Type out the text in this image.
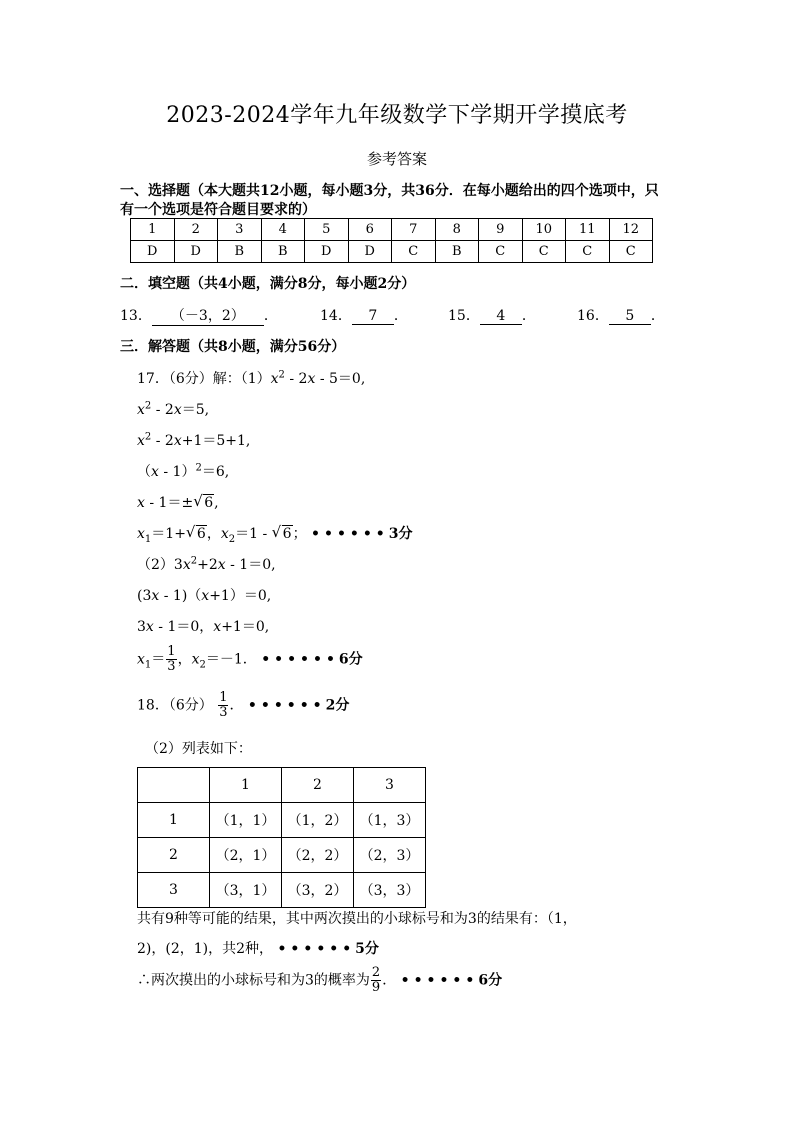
2023-2024学年九年级数学下学期开学摸底考
参考答案
一、选择题（本大题共12小题，每小题3分，共36分．在每小题给出的四个选项中，只
有一个选项是符合题目要求的）
1	2	3	4	5	6	7	8	9	10	11	12
D	D	B	B	D	D	C	B	C	C	C	C
二．填空题（共4小题，满分8分，每小题2分）
13． （－3，2） ．	14． 7 ．	15． 4 ．	16． 5 ．
三．解答题（共8小题，满分56分）
17．（6分）解：$(1)x^2 - 2x - 5=0$,
$x^2 - 2x=5$,
$x^2 - 2x+1=5+1$,
（x - 1）$^2$＝6,
x - 1＝± √ 6,
$x_1=1+$ √ 6，$x_2=1$ - √ 6； ••••••3分
$(2)3x^2+2x - 1=0$,
(3x - 1)（x+1）＝0,
3x - 1＝0，x+1＝0,
$x_1= \frac{1}{3}$ ，$x_2=-1$． ••••••6分
18．（6分） $\frac{1}{3}$ ． ••••••2分
（2）列表如下：
	1	2	3
1	（1，1）	（1，2）	（1，3）
2	（2，1）	（2，2）	（2，3）
3	（3，1）	（3，2）	（3，3）
共有9种等可能的结果，其中两次摸出的小球标号和为3的结果有：（1，
2)，(2，1)，共2种， ••••••5分
∴两次摸出的小球标号和为3的概率为 $\frac{2}{9}$ ． ••••••6分
